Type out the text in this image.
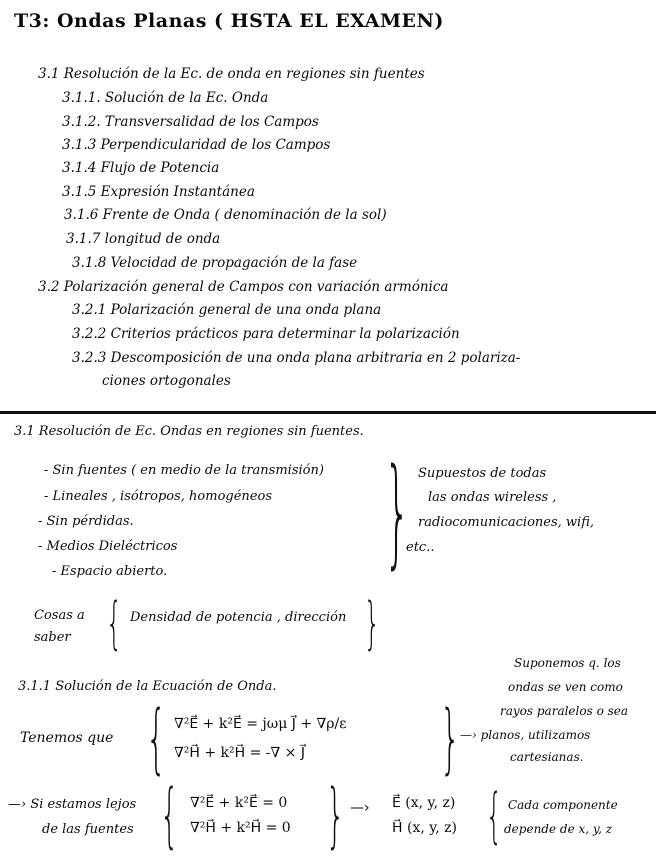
T3: Ondas Planas ( HSTA EL EXAMEN)
3.1 Resolución de la Ec. de onda en regiones sin fuentes
3.1.1. Solución de la Ec. Onda
3.1.2. Transversalidad de los Campos
3.1.3 Perpendicularidad de los Campos
3.1.4 Flujo de Potencia
3.1.5 Expresión Instantánea
3.1.6 Frente de Onda ( denominación de la sol)
3.1.7 longitud de onda
3.1.8 Velocidad de propagación de la fase
3.2 Polarización general de Campos con variación armónica
3.2.1 Polarización general de una onda plana
3.2.2 Criterios prácticos para determinar la polarización
3.2.3 Descomposición de una onda plana arbitraria en 2 polariza-
ciones ortogonales
3.1 Resolución de Ec. Ondas en regiones sin fuentes.
- Sin fuentes ( en medio de la transmisión)
- Lineales , isótropos, homogéneos
- Sin pérdidas.
- Medios Dieléctricos
- Espacio abierto. } Supuestos de todas
las ondas wireless ,
radiocomunicaciones, wifi,
etc..
Cosas a
saber { Densidad de potencia , dirección }
3.1.1 Solución de la Ecuación de Onda.
Suponemos q. los
ondas se ven como
rayos paralelos o sea
cartesianas.
Tenemos que { ∇²E⃗ + k²E⃗ = jωμ J⃗ + ∇ρ/ε
∇²H⃗ + k²H⃗ = -∇ × J⃗ } —› planos, utilizamos
—› Si estamos lejos
de las fuentes { ∇²E⃗ + k²E⃗ = 0
∇²H⃗ + k²H⃗ = 0 } —› E⃗ (x, y, z)
H⃗ (x, y, z) { Cada componente
depende de x, y, z
